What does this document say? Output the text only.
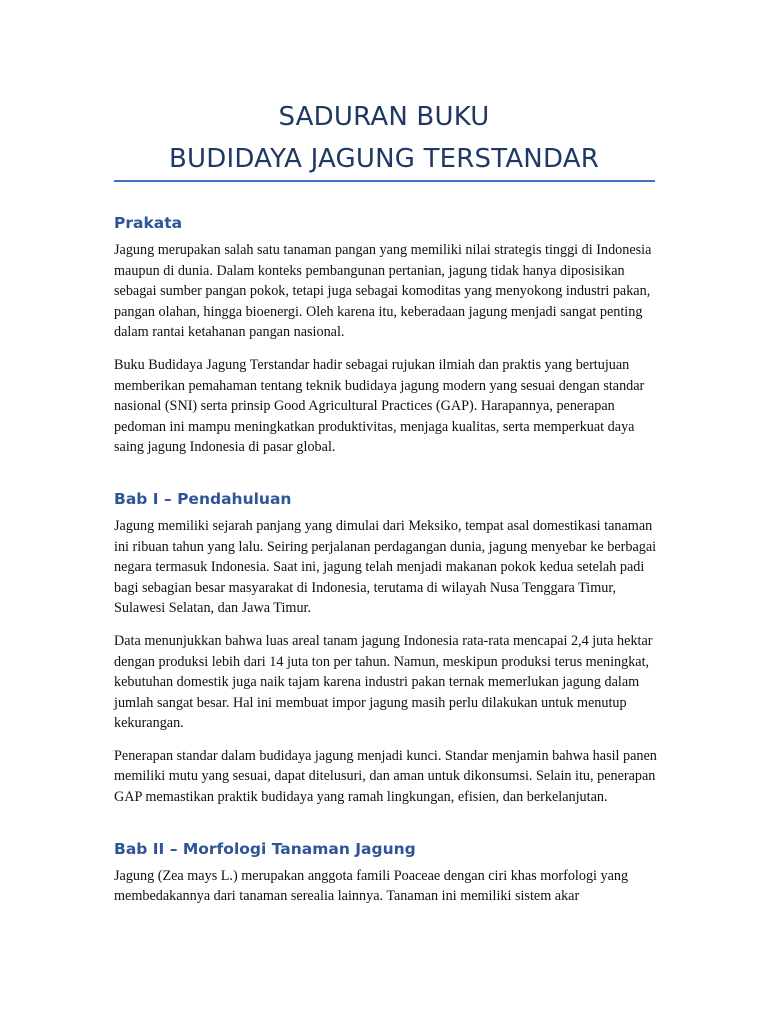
SADURAN BUKU
BUDIDAYA JAGUNG TERSTANDAR
Prakata

Jagung merupakan salah satu tanaman pangan yang memiliki nilai strategis tinggi di Indonesia maupun di dunia. Dalam konteks pembangunan pertanian, jagung tidak hanya diposisikan sebagai sumber pangan pokok, tetapi juga sebagai komoditas yang menyokong industri pakan, pangan olahan, hingga bioenergi. Oleh karena itu, keberadaan jagung menjadi sangat penting dalam rantai ketahanan pangan nasional.

Buku Budidaya Jagung Terstandar hadir sebagai rujukan ilmiah dan praktis yang bertujuan memberikan pemahaman tentang teknik budidaya jagung modern yang sesuai dengan standar nasional (SNI) serta prinsip Good Agricultural Practices (GAP). Harapannya, penerapan pedoman ini mampu meningkatkan produktivitas, menjaga kualitas, serta memperkuat daya saing jagung Indonesia di pasar global.

Bab I – Pendahuluan

Jagung memiliki sejarah panjang yang dimulai dari Meksiko, tempat asal domestikasi tanaman ini ribuan tahun yang lalu. Seiring perjalanan perdagangan dunia, jagung menyebar ke berbagai negara termasuk Indonesia. Saat ini, jagung telah menjadi makanan pokok kedua setelah padi bagi sebagian besar masyarakat di Indonesia, terutama di wilayah Nusa Tenggara Timur, Sulawesi Selatan, dan Jawa Timur.

Data menunjukkan bahwa luas areal tanam jagung Indonesia rata-rata mencapai 2,4 juta hektar dengan produksi lebih dari 14 juta ton per tahun. Namun, meskipun produksi terus meningkat, kebutuhan domestik juga naik tajam karena industri pakan ternak memerlukan jagung dalam jumlah sangat besar. Hal ini membuat impor jagung masih perlu dilakukan untuk menutup kekurangan.

Penerapan standar dalam budidaya jagung menjadi kunci. Standar menjamin bahwa hasil panen memiliki mutu yang sesuai, dapat ditelusuri, dan aman untuk dikonsumsi. Selain itu, penerapan GAP memastikan praktik budidaya yang ramah lingkungan, efisien, dan berkelanjutan.

Bab II – Morfologi Tanaman Jagung

Jagung (Zea mays L.) merupakan anggota famili Poaceae dengan ciri khas morfologi yang membedakannya dari tanaman serealia lainnya. Tanaman ini memiliki sistem akar
